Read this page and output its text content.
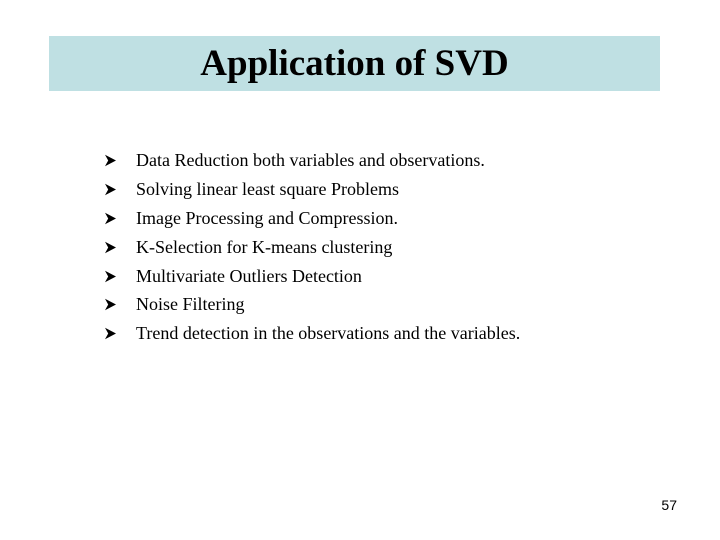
Application of SVD
Data Reduction both variables and observations.
Solving linear least square Problems
Image Processing and Compression.
K-Selection for K-means clustering
Multivariate Outliers Detection
Noise Filtering
Trend detection in the observations and the variables.
57
